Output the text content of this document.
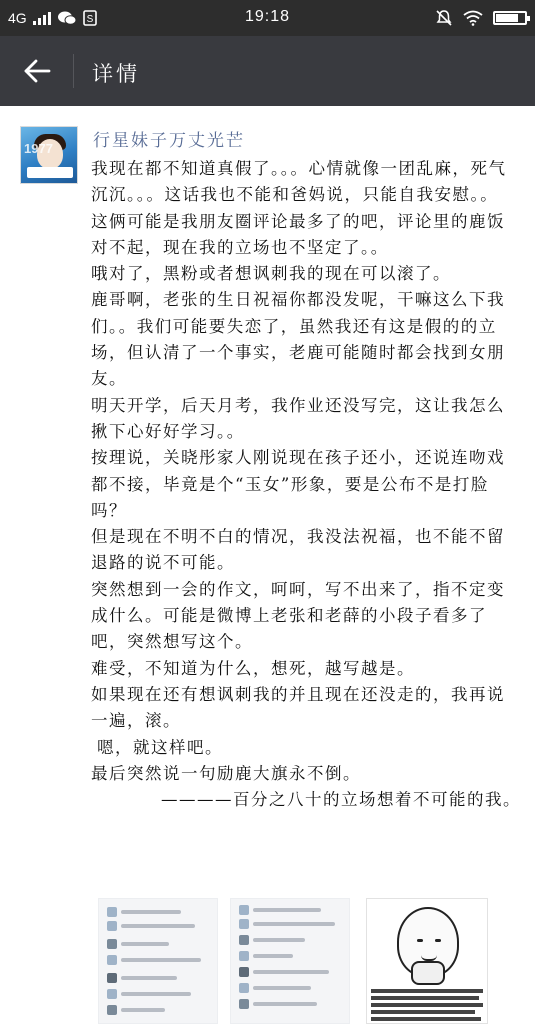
4G	S	19:18
详情
1977 行星妹子万丈光芒

我现在都不知道真假了。。。心情就像一团乱麻，死气沉沉。。。这话我也不能和爸妈说，只能自我安慰。。

这俩可能是我朋友圈评论最多了的吧，评论里的鹿饭对不起，现在我的立场也不坚定了。。

哦对了，黑粉或者想讽刺我的现在可以滚了。

鹿哥啊，老张的生日祝福你都没发呢，干嘛这么下我们。。我们可能要失恋了，虽然我还有这是假的的立场，但认清了一个事实，老鹿可能随时都会找到女朋友。

明天开学，后天月考，我作业还没写完，这让我怎么揪下心好好学习。。

按理说，关晓彤家人刚说现在孩子还小，还说连吻戏都不接，毕竟是个“玉女”形象，要是公布不是打脸吗？

但是现在不明不白的情况，我没法祝福，也不能不留退路的说不可能。

突然想到一会的作文，呵呵，写不出来了，指不定变成什么。可能是微博上老张和老薛的小段子看多了吧，突然想写这个。

难受，不知道为什么，想死，越写越是。

如果现在还有想讽刺我的并且现在还没走的，我再说一遍，滚。

嗯，就这样吧。

最后突然说一句励鹿大旗永不倒。

————百分之八十的立场想着不可能的我。
